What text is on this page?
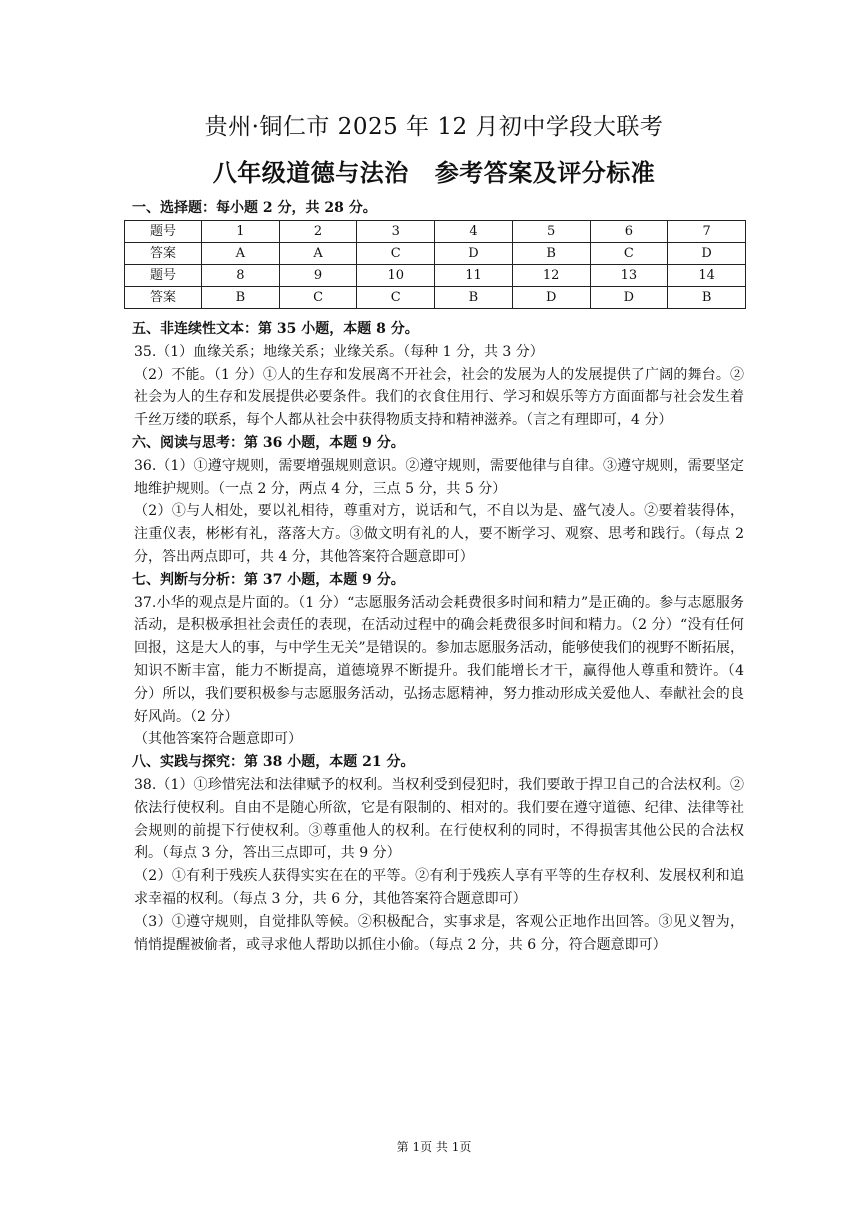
贵州·铜仁市 2025 年 12 月初中学段大联考
八年级道德与法治 参考答案及评分标准
一、选择题：每小题 2 分，共 28 分。
题号	1	2	3	4	5	6	7
答案	A	A	C	D	B	C	D
题号	8	9	10	11	12	13	14
答案	B	C	C	B	D	D	B

五、非连续性文本：第 35 小题，本题 8 分。

35.（1）血缘关系；地缘关系；业缘关系。（每种 1 分，共 3 分）

（2）不能。（1 分）①人的生存和发展离不开社会，社会的发展为人的发展提供了广阔的舞台。②社会为人的生存和发展提供必要条件。我们的衣食住用行、学习和娱乐等方方面面都与社会发生着千丝万缕的联系，每个人都从社会中获得物质支持和精神滋养。（言之有理即可，4 分）

六、阅读与思考：第 36 小题，本题 9 分。

36.（1）①遵守规则，需要增强规则意识。②遵守规则，需要他律与自律。③遵守规则，需要坚定地维护规则。（一点 2 分，两点 4 分，三点 5 分，共 5 分）

（2）①与人相处，要以礼相待，尊重对方，说话和气，不自以为是、盛气凌人。②要着装得体，注重仪表，彬彬有礼，落落大方。③做文明有礼的人，要不断学习、观察、思考和践行。（每点 2 分，答出两点即可，共 4 分，其他答案符合题意即可）

七、判断与分析：第 37 小题，本题 9 分。

37.小华的观点是片面的。（1 分）“志愿服务活动会耗费很多时间和精力”是正确的。参与志愿服务活动，是积极承担社会责任的表现，在活动过程中的确会耗费很多时间和精力。（2 分）“没有任何回报，这是大人的事，与中学生无关”是错误的。参加志愿服务活动，能够使我们的视野不断拓展，知识不断丰富，能力不断提高，道德境界不断提升。我们能增长才干，赢得他人尊重和赞许。（4 分）所以，我们要积极参与志愿服务活动，弘扬志愿精神，努力推动形成关爱他人、奉献社会的良好风尚。（2 分）

（其他答案符合题意即可）

八、实践与探究：第 38 小题，本题 21 分。

38.（1）①珍惜宪法和法律赋予的权利。当权利受到侵犯时，我们要敢于捍卫自己的合法权利。②依法行使权利。自由不是随心所欲，它是有限制的、相对的。我们要在遵守道德、纪律、法律等社会规则的前提下行使权利。③尊重他人的权利。在行使权利的同时，不得损害其他公民的合法权利。（每点 3 分，答出三点即可，共 9 分）

（2）①有利于残疾人获得实实在在的平等。②有利于残疾人享有平等的生存权利、发展权利和追求幸福的权利。（每点 3 分，共 6 分，其他答案符合题意即可）

（3）①遵守规则，自觉排队等候。②积极配合，实事求是，客观公正地作出回答。③见义智为，悄悄提醒被偷者，或寻求他人帮助以抓住小偷。（每点 2 分，共 6 分，符合题意即可）

第 1页 共 1页
